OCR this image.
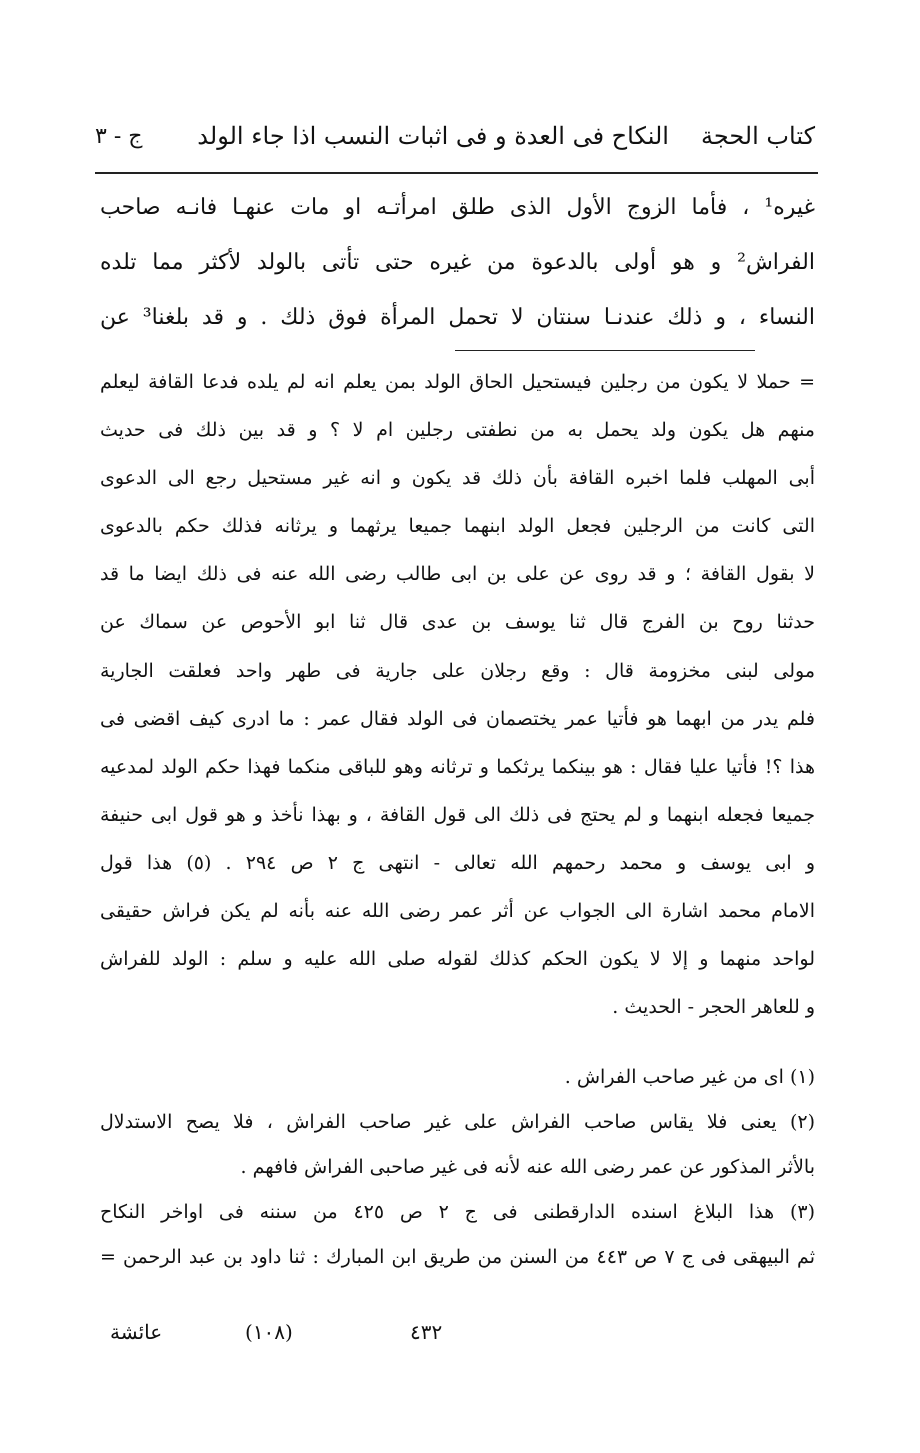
كتاب الحجة
النكاح فى العدة و فى اثبات النسب اذا جاء الولد
ج - ٣
غيره¹ ، فأما الزوج الأول الذى طلق امرأتـه او مات عنهـا فانـه صاحب
الفراش² و هو أولى بالدعوة من غيره حتى تأتى بالولد لأكثر مما تلده
النساء ، و ذلك عندنـا سنتان لا تحمل المرأة فوق ذلك . و قد بلغنا³ عن
= حملا لا يكون من رجلين فيستحيل الحاق الولد بمن يعلم انه لم يلده فدعا القافة ليعلم
منهم هل يكون ولد يحمل به من نطفتى رجلين ام لا ؟ و قد بين ذلك فى حديث
أبى المهلب فلما اخبره القافة بأن ذلك قد يكون و انه غير مستحيل رجع الى الدعوى
التى كانت من الرجلين فجعل الولد ابنهما جميعا يرثهما و يرثانه فذلك حكم بالدعوى
لا بقول القافة ؛ و قد روى عن على بن ابى طالب رضى الله عنه فى ذلك ايضا ما قد
حدثنا روح بن الفرج قال ثنا يوسف بن عدى قال ثنا ابو الأحوص عن سماك عن
مولى لبنى مخزومة قال : وقع رجلان على جارية فى طهر واحد فعلقت الجارية
فلم يدر من ابهما هو فأتيا عمر يختصمان فى الولد فقال عمر : ما ادرى كيف اقضى فى
هذا ؟! فأتيا عليا فقال : هو بينكما يرثكما و ترثانه وهو للباقى منكما فهذا حكم الولد لمدعيه
جميعا فجعله ابنهما و لم يحتج فى ذلك الى قول القافة ، و بهذا نأخذ و هو قول ابى حنيفة
و ابى يوسف و محمد رحمهم الله تعالى - انتهى ج ٢ ص ٢٩٤ . (٥) هذا قول
الامام محمد اشارة الى الجواب عن أثر عمر رضى الله عنه بأنه لم يكن فراش حقيقى
لواحد منهما و إلا لا يكون الحكم كذلك لقوله صلى الله عليه و سلم : الولد للفراش
و للعاهر الحجر - الحديث .
(١) اى من غير صاحب الفراش .
(٢) يعنى فلا يقاس صاحب الفراش على غير صاحب الفراش ، فلا يصح الاستدلال
بالأثر المذكور عن عمر رضى الله عنه لأنه فى غير صاحبى الفراش فافهم .
(٣) هذا البلاغ اسنده الدارقطنى فى ج ٢ ص ٤٢٥ من سننه فى اواخر النكاح
ثم البيهقى فى ج ٧ ص ٤٤٣ من السنن من طريق ابن المبارك : ثنا داود بن عبد الرحمن =
عائشة	(١٠٨)	٤٣٢
